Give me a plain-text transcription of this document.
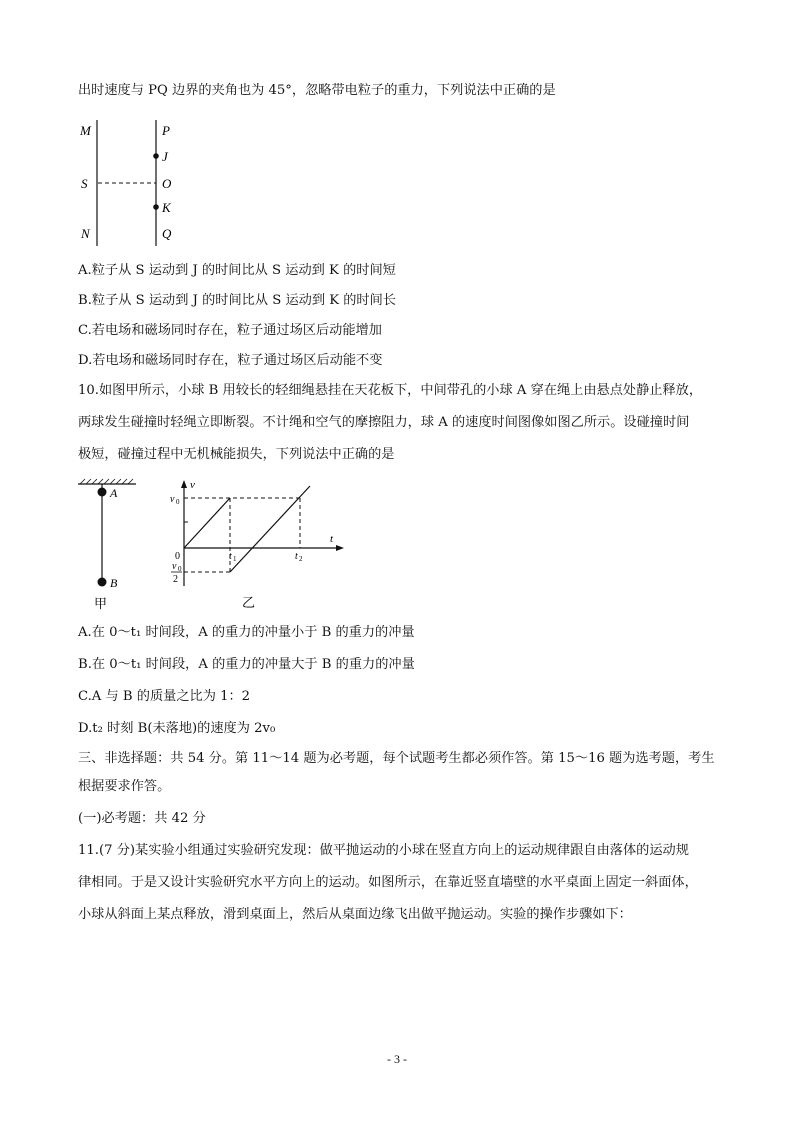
出时速度与 PQ 边界的夹角也为 45°，忽略带电粒子的重力，下列说法中正确的是
M	P
J
S	O
K
N	Q
A.粒子从 S 运动到 J 的时间比从 S 运动到 K 的时间短
B.粒子从 S 运动到 J 的时间比从 S 运动到 K 的时间长
C.若电场和磁场同时存在，粒子通过场区后动能增加
D.若电场和磁场同时存在，粒子通过场区后动能不变
10.如图甲所示，小球 B 用较长的轻细绳悬挂在天花板下，中间带孔的小球 A 穿在绳上由悬点处静止释放，
两球发生碰撞时轻绳立即断裂。不计绳和空气的摩擦阻力，球 A 的速度时间图像如图乙所示。设碰撞时间
极短，碰撞过程中无机械能损失，下列说法中正确的是
A
B
甲
v
t
v 0
0	t 1	t 2
v 0
2
乙
A.在 0～t₁ 时间段，A 的重力的冲量小于 B 的重力的冲量
B.在 0～t₁ 时间段，A 的重力的冲量大于 B 的重力的冲量
C.A 与 B 的质量之比为 1：2
D.t₂ 时刻 B(未落地)的速度为 2v₀
三、非选择题：共 54 分。第 11～14 题为必考题，每个试题考生都必须作答。第 15～16 题为选考题，考生
根据要求作答。
(一)必考题：共 42 分
11.(7 分)某实验小组通过实验研究发现：做平抛运动的小球在竖直方向上的运动规律跟自由落体的运动规
律相同。于是又设计实验研究水平方向上的运动。如图所示，在靠近竖直墙壁的水平桌面上固定一斜面体，
小球从斜面上某点释放，滑到桌面上，然后从桌面边缘飞出做平抛运动。实验的操作步骤如下：
- 3 -
